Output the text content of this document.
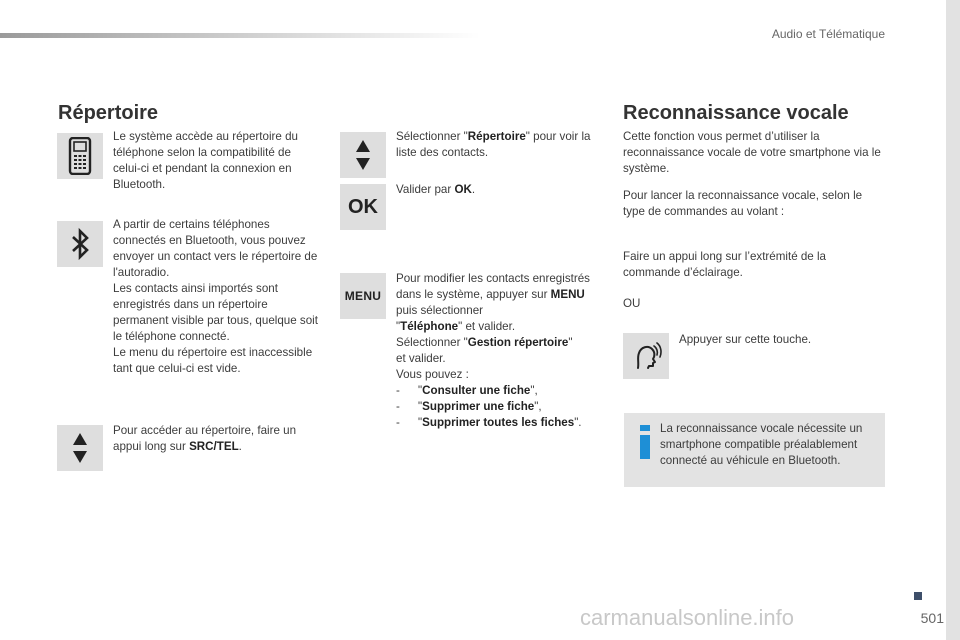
Audio et Télématique
Répertoire
Le système accède au répertoire du téléphone selon la compatibilité de celui-ci et pendant la connexion en Bluetooth.

A partir de certains téléphones connectés en Bluetooth, vous pouvez envoyer un contact vers le répertoire de l'autoradio.

Les contacts ainsi importés sont enregistrés dans un répertoire permanent visible par tous, quelque soit le téléphone connecté.

Le menu du répertoire est inaccessible tant que celui-ci est vide.

Pour accéder au répertoire, faire un appui long sur SRC/TEL.
Sélectionner "Répertoire" pour voir la liste des contacts.
OK
Valider par OK.
MENU

Pour modifier les contacts enregistrés dans le système, appuyer sur MENU puis sélectionner

"Téléphone" et valider.

Sélectionner "Gestion répertoire"

et valider.

Vous pouvez :

- "Consulter une fiche",

- "Supprimer une fiche",

- "Supprimer toutes les fiches".

Reconnaissance vocale
Cette fonction vous permet d’utiliser la reconnaissance vocale de votre smartphone via le système.
Pour lancer la reconnaissance vocale, selon le type de commandes au volant :
Faire un appui long sur l’extrémité de la commande d’éclairage.
OU
Appuyer sur cette touche.
La reconnaissance vocale nécessite un smartphone compatible préalablement connecté au véhicule en Bluetooth.
501
carmanualsonline.info
